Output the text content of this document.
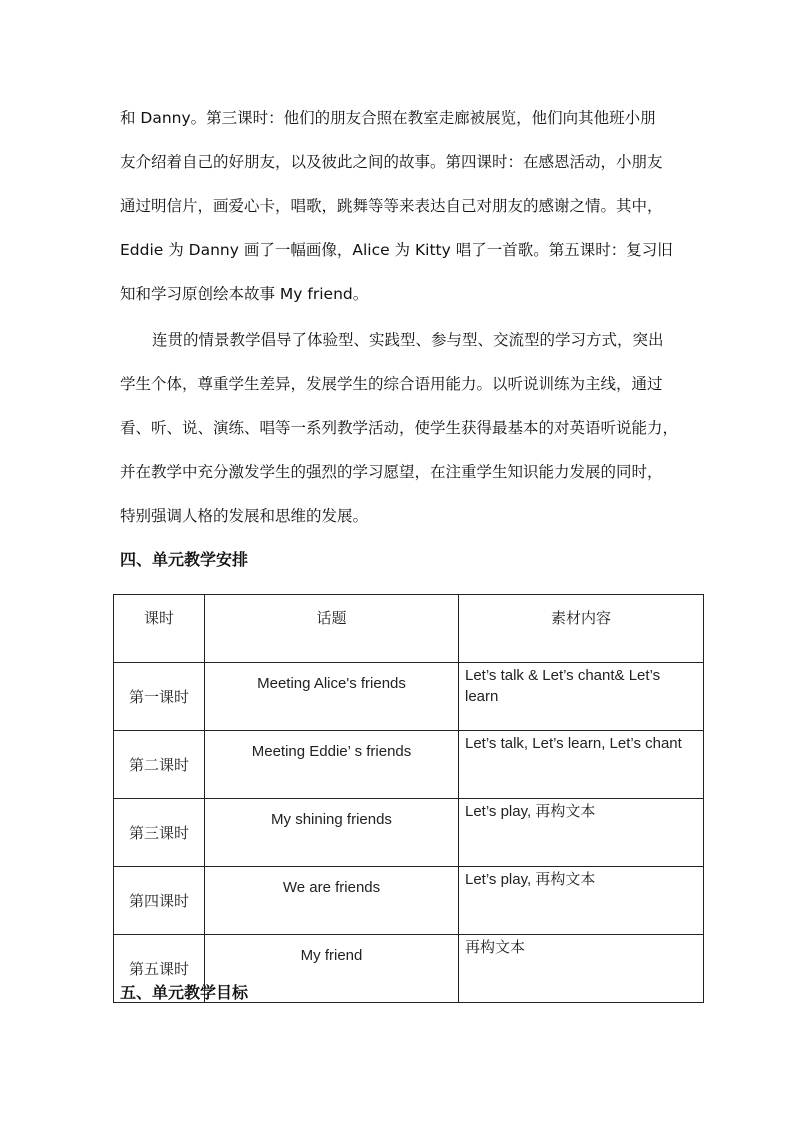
和 Danny。第三课时：他们的朋友合照在教室走廊被展览，他们向其他班小朋
友介绍着自己的好朋友，以及彼此之间的故事。第四课时：在感恩活动，小朋友
通过明信片，画爱心卡，唱歌，跳舞等等来表达自己对朋友的感谢之情。其中，
Eddie 为 Danny 画了一幅画像，Alice 为 Kitty 唱了一首歌。第五课时：复习旧
知和学习原创绘本故事 My friend。
连贯的情景教学倡导了体验型、实践型、参与型、交流型的学习方式，突出
学生个体，尊重学生差异，发展学生的综合语用能力。以听说训练为主线，通过
看、听、说、演练、唱等一系列教学活动，使学生获得最基本的对英语听说能力，
并在教学中充分激发学生的强烈的学习愿望，在注重学生知识能力发展的同时，
特别强调人格的发展和思维的发展。
四、单元教学安排
课时	话题	素材内容
第一课时	Meeting Alice's friends	Let’s talk & Let’s chant& Let’s learn
第二课时	Meeting Eddie’ s friends	Let’s talk, Let’s learn, Let’s chant
第三课时	My shining friends	Let’s play, 再构文本
第四课时	We are friends	Let’s play, 再构文本
第五课时	My friend	再构文本
五、单元教学目标
